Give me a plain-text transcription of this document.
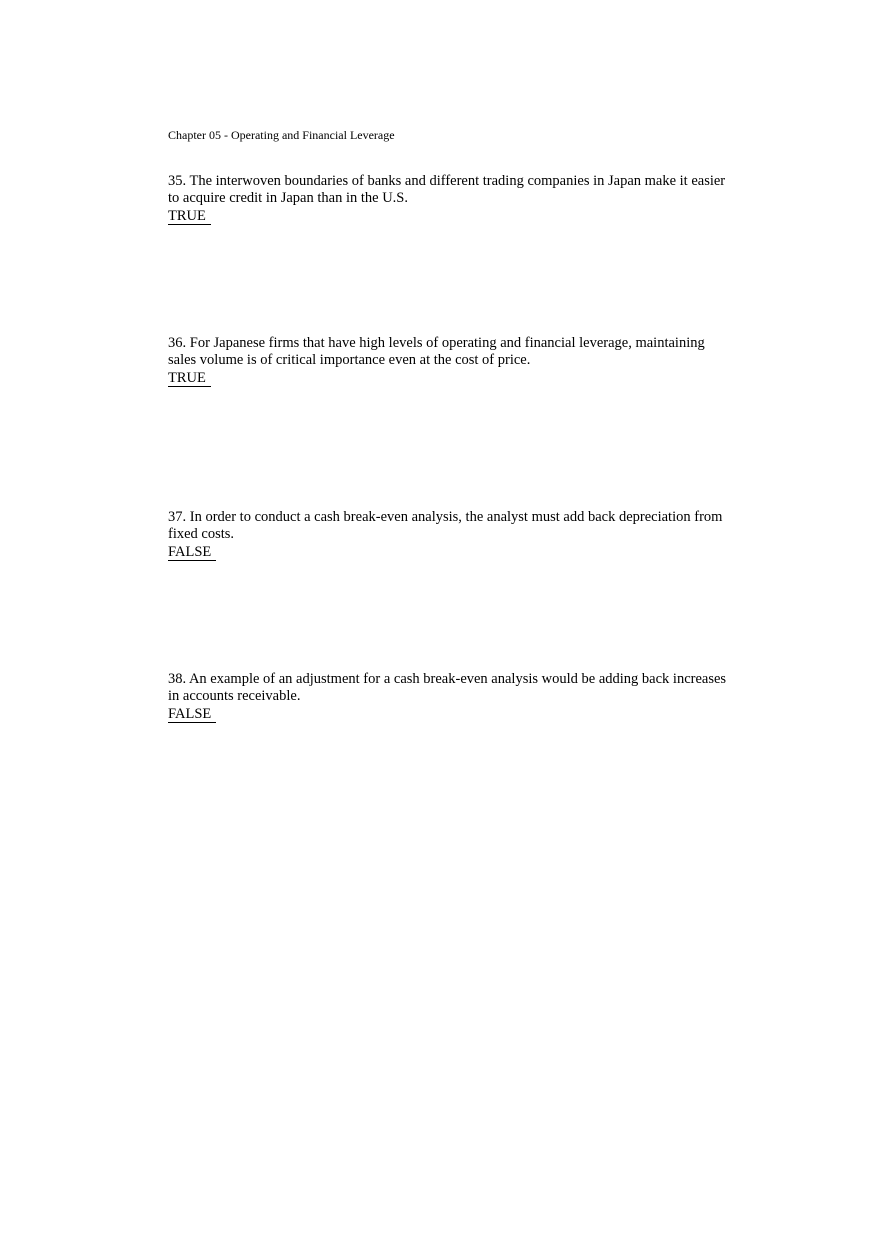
Chapter 05 - Operating and Financial Leverage

35. The interwoven boundaries of banks and different trading companies in Japan make it easier to acquire credit in Japan than in the U.S.

TRUE

36. For Japanese firms that have high levels of operating and financial leverage, maintaining sales volume is of critical importance even at the cost of price.

TRUE

37. In order to conduct a cash break-even analysis, the analyst must add back depreciation from fixed costs.

FALSE

38. An example of an adjustment for a cash break-even analysis would be adding back increases in accounts receivable.

FALSE
